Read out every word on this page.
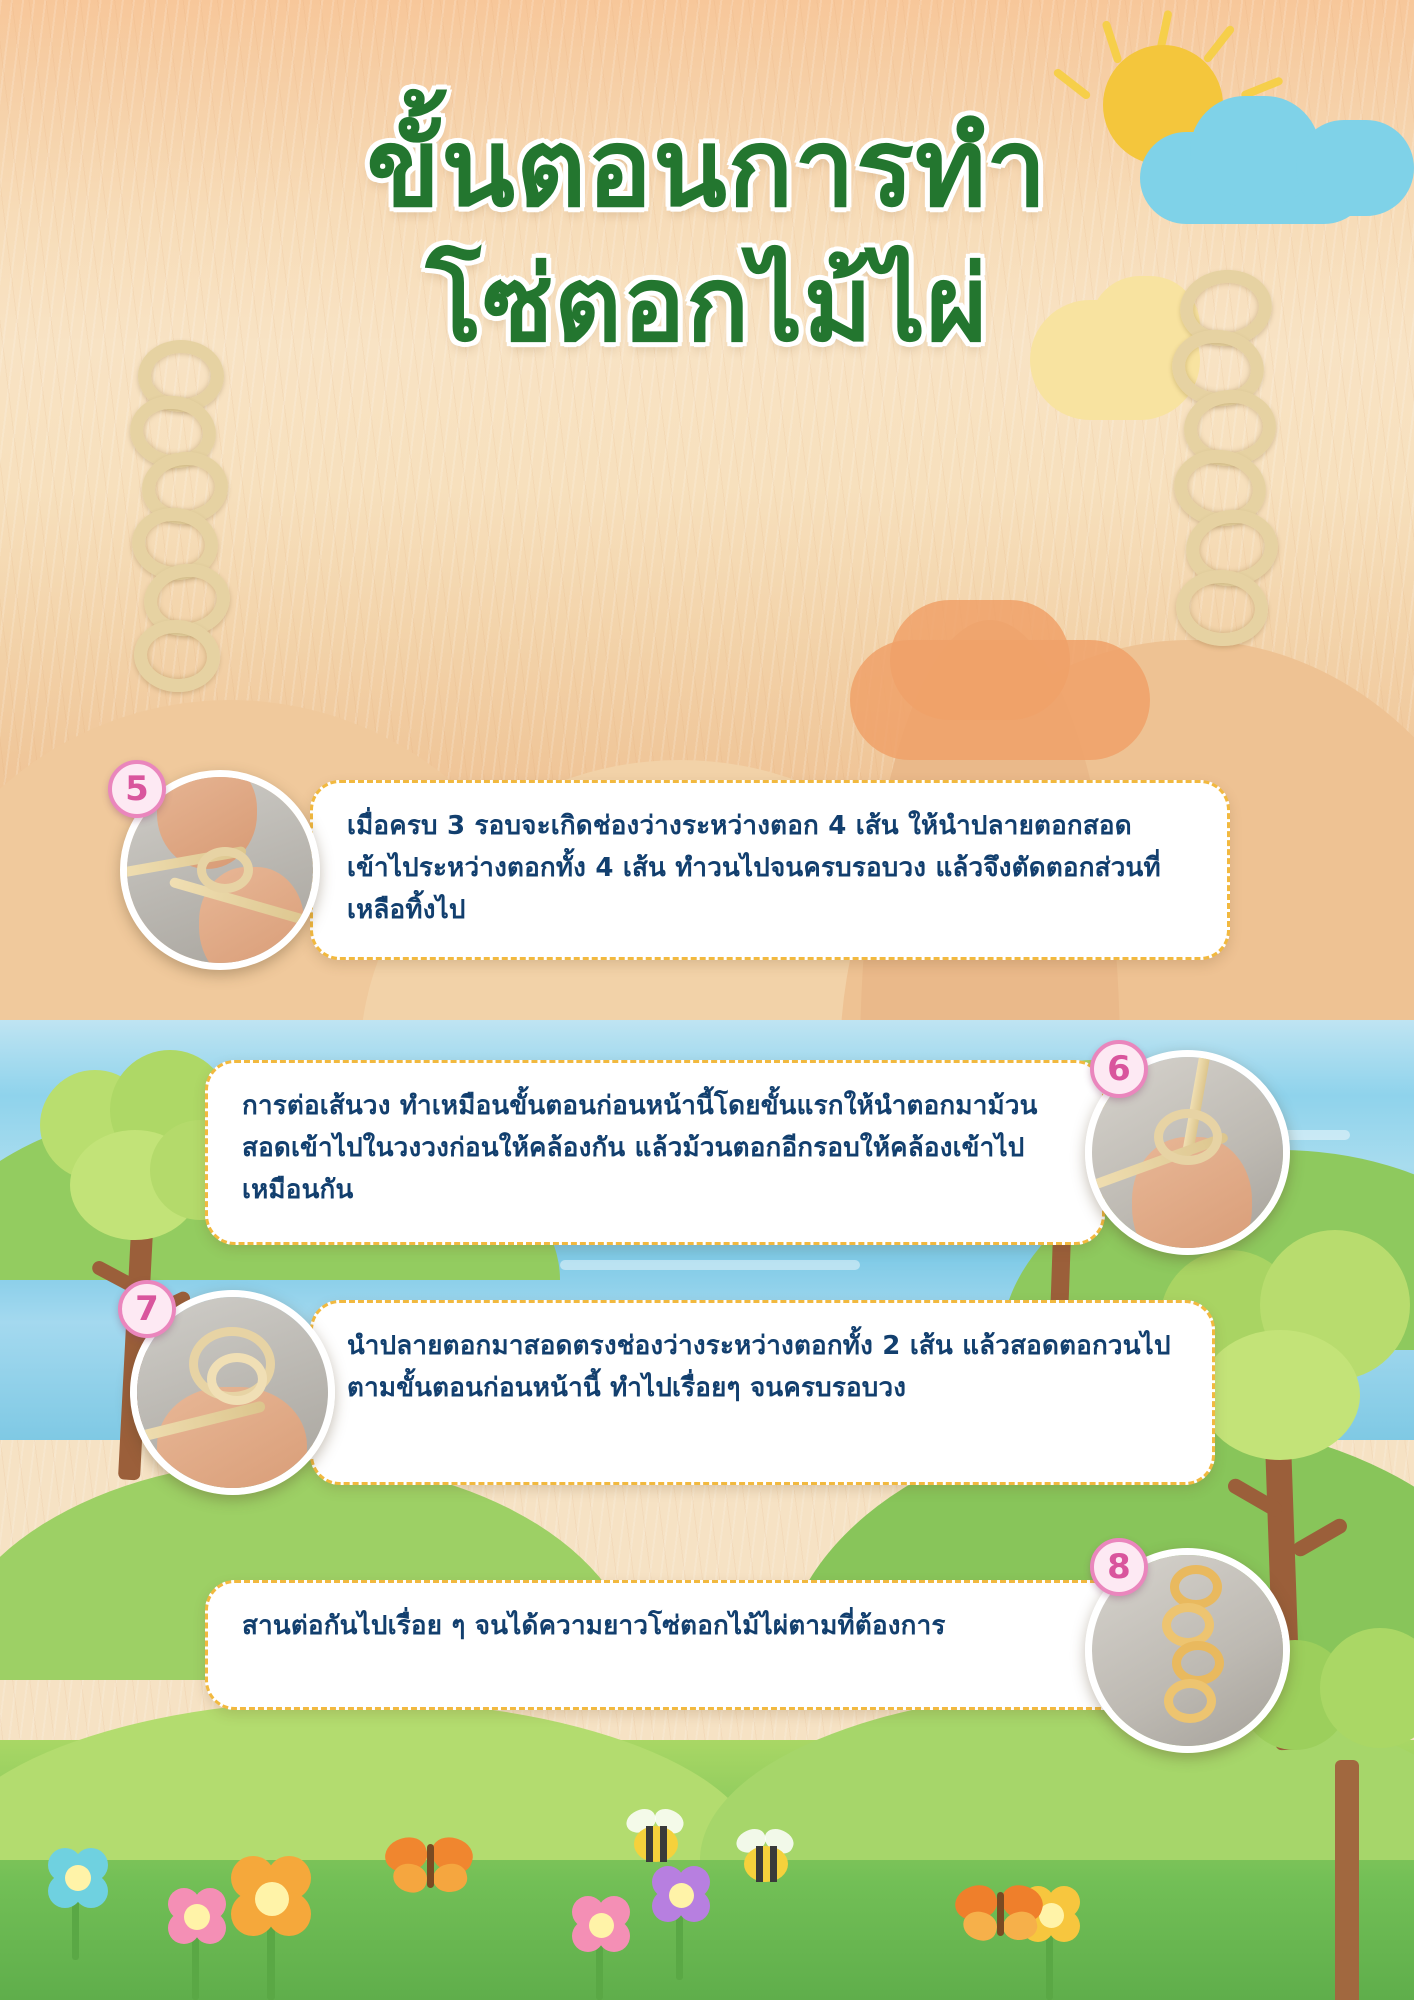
ขั้นตอนการทำ
โซ่ตอกไม้ไผ่
เมื่อครบ 3 รอบจะเกิดช่องว่างระหว่างตอก 4 เส้น ให้นำปลายตอกสอดเข้าไประหว่างตอกทั้ง 4 เส้น ทำวนไปจนครบรอบวง แล้วจึงตัดตอกส่วนที่เหลือทิ้งไป
5
การต่อเส้นวง ทำเหมือนขั้นตอนก่อนหน้านี้โดยขั้นแรกให้นำตอกมาม้วนสอดเข้าไปในวงวงก่อนให้คล้องกัน แล้วม้วนตอกอีกรอบให้คล้องเข้าไปเหมือนกัน
6
นำปลายตอกมาสอดตรงช่องว่างระหว่างตอกทั้ง 2 เส้น แล้วสอดตอกวนไปตามขั้นตอนก่อนหน้านี้ ทำไปเรื่อยๆ จนครบรอบวง
7
สานต่อกันไปเรื่อย ๆ จนได้ความยาวโซ่ตอกไม้ไผ่ตามที่ต้องการ
8
